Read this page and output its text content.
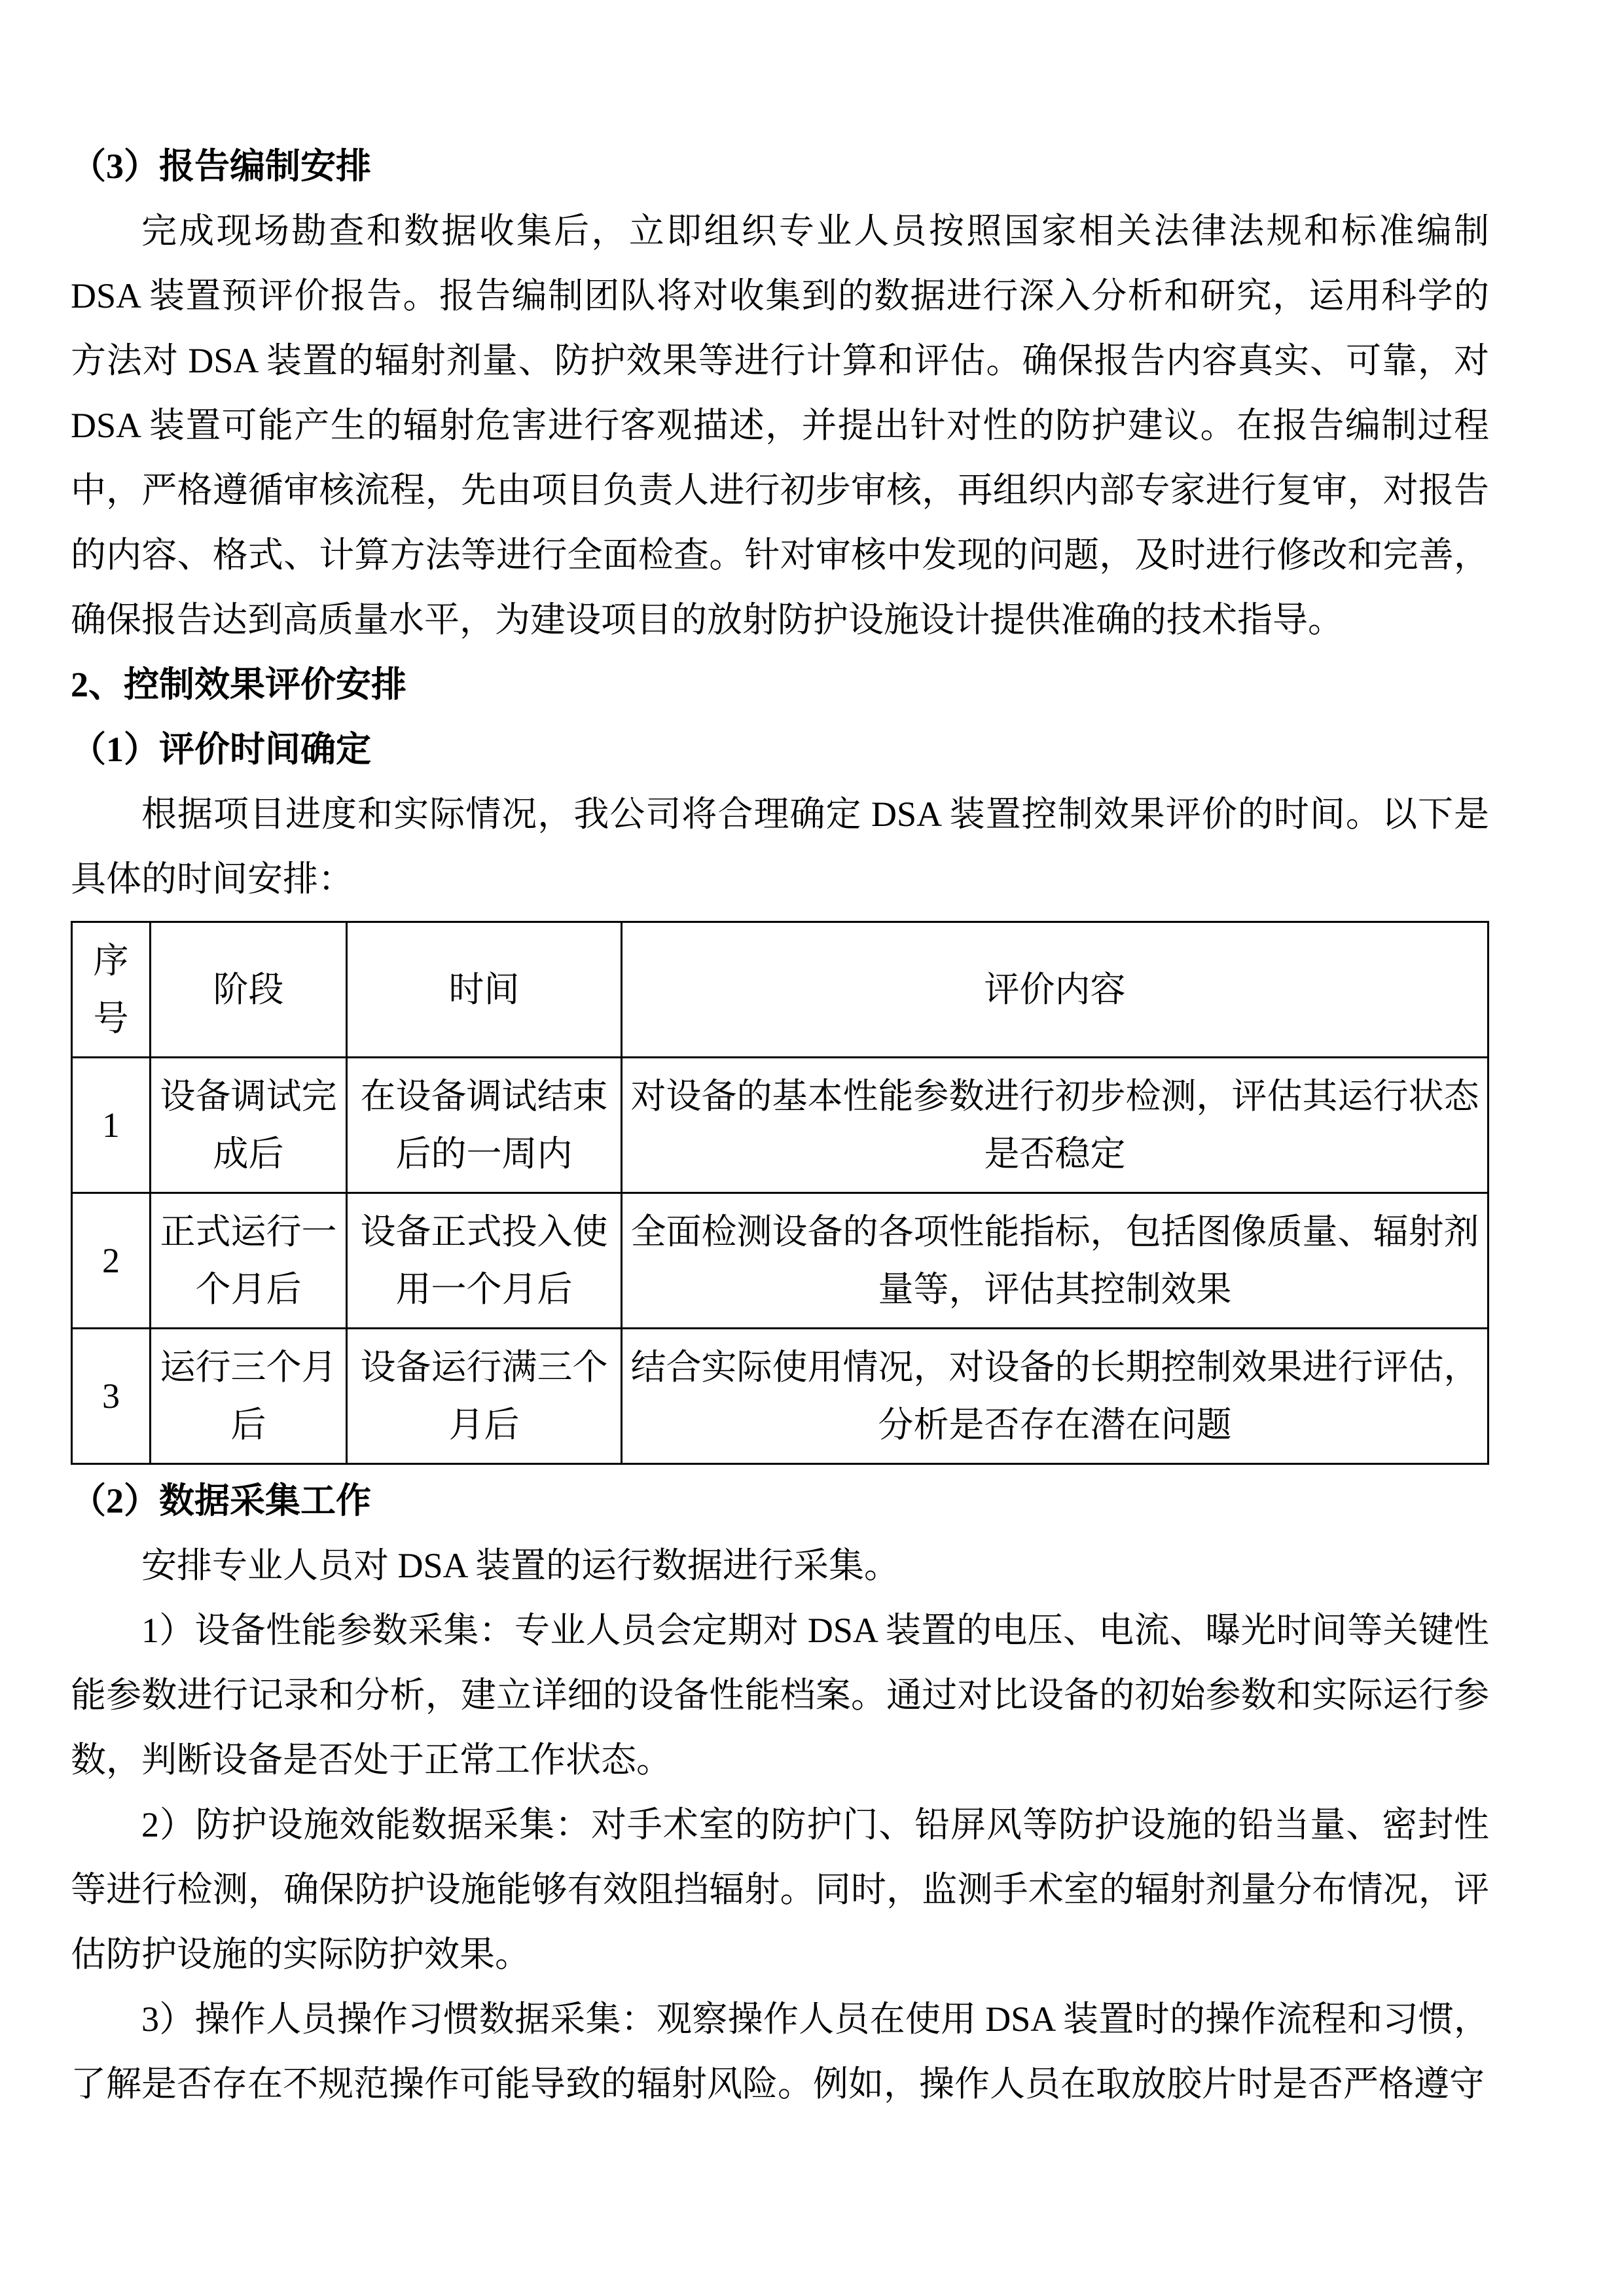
（3）报告编制安排

完成现场勘查和数据收集后，立即组织专业人员按照国家相关法律法规和标准编制 DSA 装置预评价报告。报告编制团队将对收集到的数据进行深入分析和研究，运用科学的方法对 DSA 装置的辐射剂量、防护效果等进行计算和评估。确保报告内容真实、可靠，对 DSA 装置可能产生的辐射危害进行客观描述，并提出针对性的防护建议。在报告编制过程中，严格遵循审核流程，先由项目负责人进行初步审核，再组织内部专家进行复审，对报告的内容、格式、计算方法等进行全面检查。针对审核中发现的问题，及时进行修改和完善，确保报告达到高质量水平，为建设项目的放射防护设施设计提供准确的技术指导。

2、控制效果评价安排
（1）评价时间确定

根据项目进度和实际情况，我公司将合理确定 DSA 装置控制效果评价的时间。以下是具体的时间安排：

序号	阶段	时间	评价内容
1	设备调试完成后	在设备调试结束后的一周内	对设备的基本性能参数进行初步检测，评估其运行状态是否稳定
2	正式运行一个月后	设备正式投入使用一个月后	全面检测设备的各项性能指标，包括图像质量、辐射剂量等，评估其控制效果
3	运行三个月后	设备运行满三个月后	结合实际使用情况，对设备的长期控制效果进行评估，分析是否存在潜在问题
（2）数据采集工作

安排专业人员对 DSA 装置的运行数据进行采集。

1）设备性能参数采集：专业人员会定期对 DSA 装置的电压、电流、曝光时间等关键性能参数进行记录和分析，建立详细的设备性能档案。通过对比设备的初始参数和实际运行参数，判断设备是否处于正常工作状态。

2）防护设施效能数据采集：对手术室的防护门、铅屏风等防护设施的铅当量、密封性等进行检测，确保防护设施能够有效阻挡辐射。同时，监测手术室的辐射剂量分布情况，评估防护设施的实际防护效果。

3）操作人员操作习惯数据采集：观察操作人员在使用 DSA 装置时的操作流程和习惯，了解是否存在不规范操作可能导致的辐射风险。例如，操作人员在取放胶片时是否严格遵守
